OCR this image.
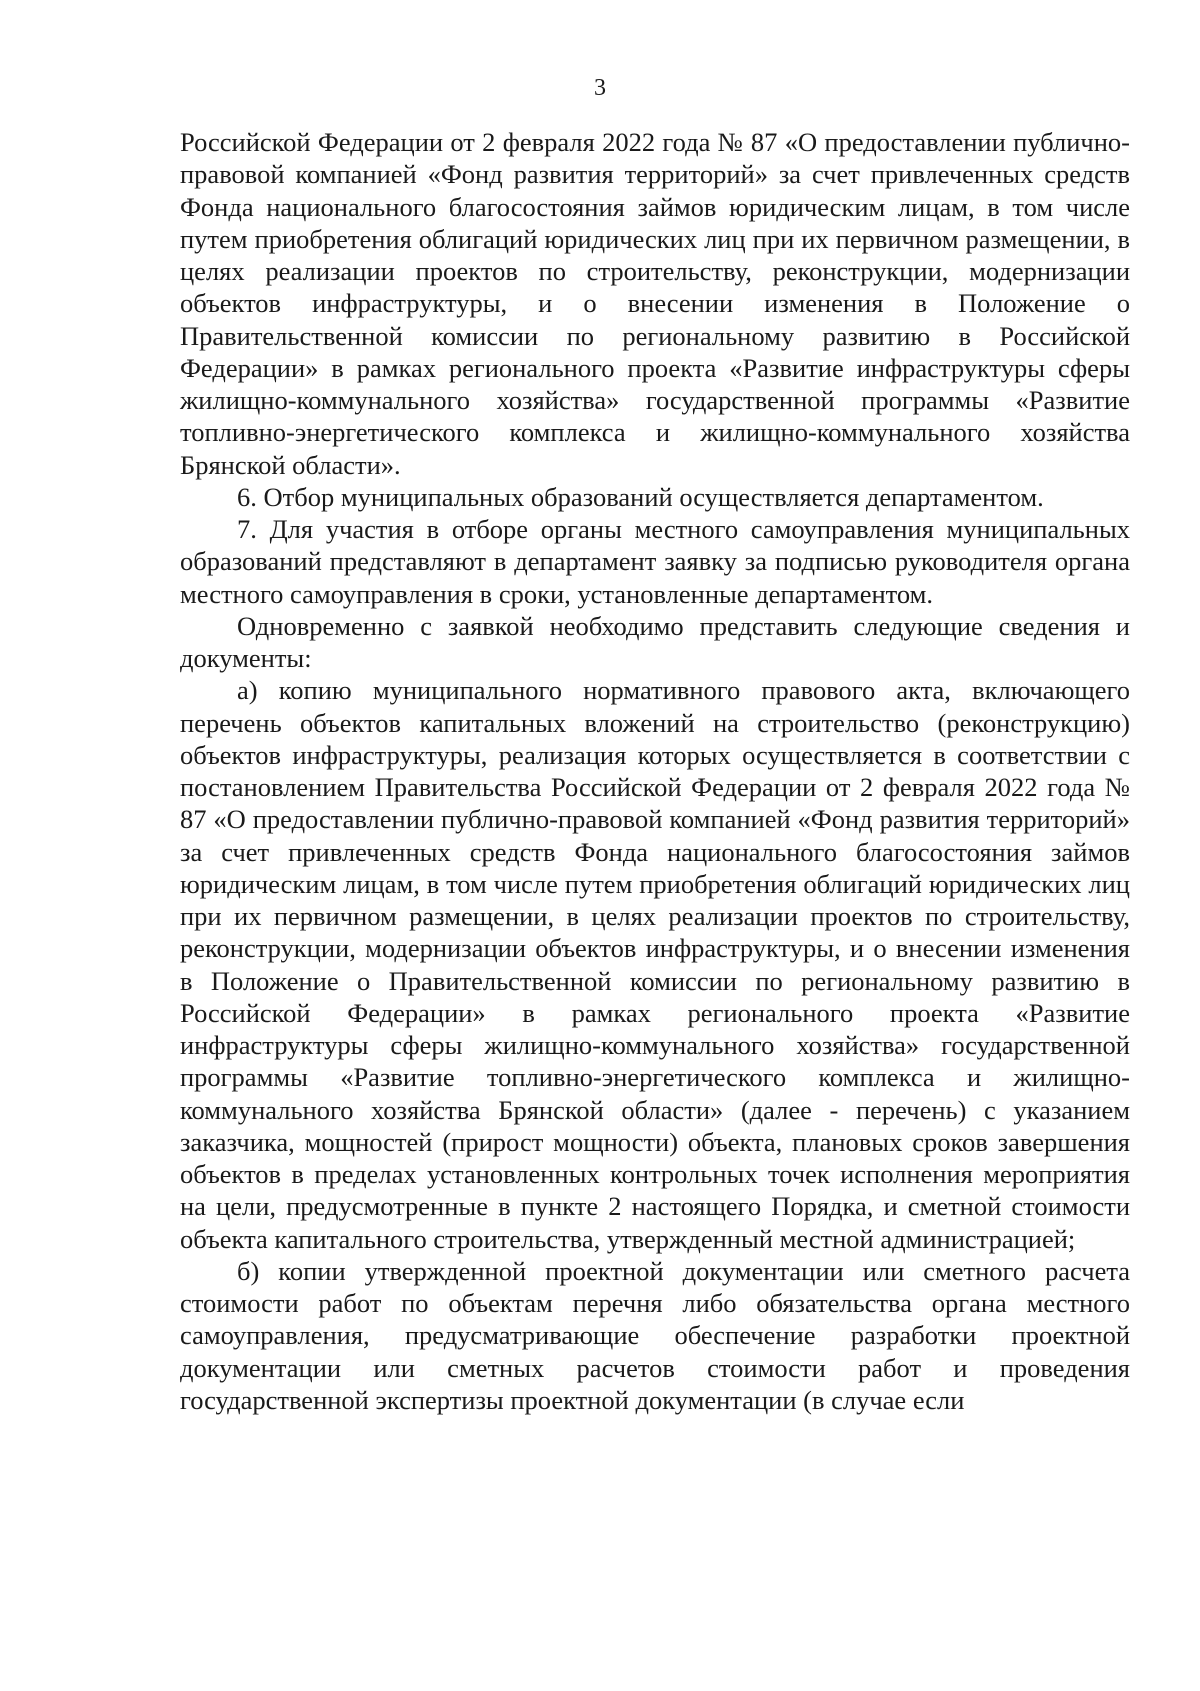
3

Российской Федерации от 2 февраля 2022 года № 87 «О предоставлении публично-правовой компанией «Фонд развития территорий» за счет привлеченных средств Фонда национального благосостояния займов юридическим лицам, в том числе путем приобретения облигаций юридических лиц при их первичном размещении, в целях реализации проектов по строительству, реконструкции, модернизации объектов инфраструктуры, и о внесении изменения в Положение о Правительственной комиссии по региональному развитию в Российской Федерации» в рамках регионального проекта «Развитие инфраструктуры сферы жилищно-коммунального хозяйства» государственной программы «Развитие топливно-энергетического комплекса и жилищно-коммунального хозяйства Брянской области».

6. Отбор муниципальных образований осуществляется департаментом.

7. Для участия в отборе органы местного самоуправления муниципальных образований представляют в департамент заявку за подписью руководителя органа местного самоуправления в сроки, установленные департаментом.

Одновременно с заявкой необходимо представить следующие сведения и документы:

а) копию муниципального нормативного правового акта, включающего перечень объектов капитальных вложений на строительство (реконструкцию) объектов инфраструктуры, реализация которых осуществляется в соответствии с постановлением Правительства Российской Федерации от 2 февраля 2022 года № 87 «О предоставлении публично-правовой компанией «Фонд развития территорий» за счет привлеченных средств Фонда национального благосостояния займов юридическим лицам, в том числе путем приобретения облигаций юридических лиц при их первичном размещении, в целях реализации проектов по строительству, реконструкции, модернизации объектов инфраструктуры, и о внесении изменения в Положение о Правительственной комиссии по региональному развитию в Российской Федерации» в рамках регионального проекта «Развитие инфраструктуры сферы жилищно-коммунального хозяйства» государственной программы «Развитие топливно-энергетического комплекса и жилищно-коммунального хозяйства Брянской области» (далее - перечень) с указанием заказчика, мощностей (прирост мощности) объекта, плановых сроков завершения объектов в пределах установленных контрольных точек исполнения мероприятия на цели, предусмотренные в пункте 2 настоящего Порядка, и сметной стоимости объекта капитального строительства, утвержденный местной администрацией;

б) копии утвержденной проектной документации или сметного расчета стоимости работ по объектам перечня либо обязательства органа местного самоуправления, предусматривающие обеспечение разработки проектной документации или сметных расчетов стоимости работ и проведения государственной экспертизы проектной документации (в случае если
